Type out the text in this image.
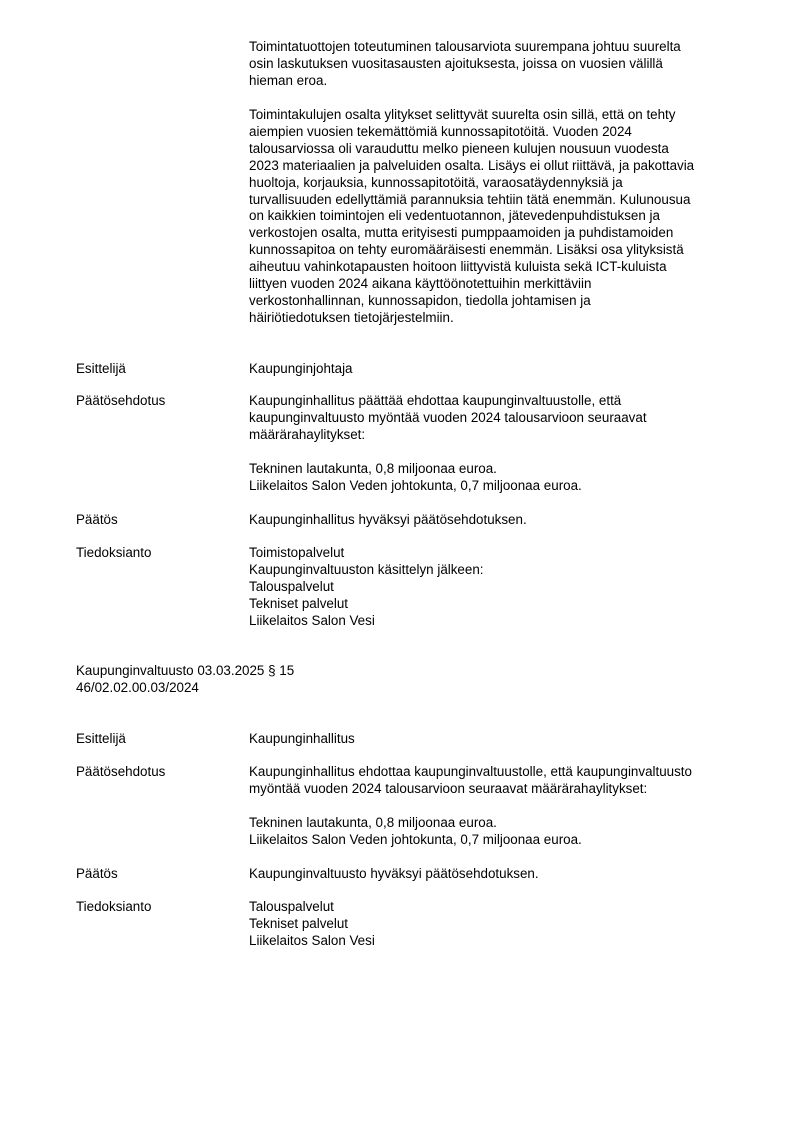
Toimintatuottojen toteutuminen talousarviota suurempana johtuu suurelta
osin laskutuksen vuositasausten ajoituksesta, joissa on vuosien välillä
hieman eroa.

Toimintakulujen osalta ylitykset selittyvät suurelta osin sillä, että on tehty
aiempien vuosien tekemättömiä kunnossapitotöitä. Vuoden 2024
talousarviossa oli varauduttu melko pieneen kulujen nousuun vuodesta
2023 materiaalien ja palveluiden osalta. Lisäys ei ollut riittävä, ja pakottavia
huoltoja, korjauksia, kunnossapitotöitä, varaosatäydennyksiä ja
turvallisuuden edellyttämiä parannuksia tehtiin tätä enemmän. Kulunousua
on kaikkien toimintojen eli vedentuotannon, jätevedenpuhdistuksen ja
verkostojen osalta, mutta erityisesti pumppaamoiden ja puhdistamoiden
kunnossapitoa on tehty euromääräisesti enemmän. Lisäksi osa ylityksistä
aiheutuu vahinkotapausten hoitoon liittyvistä kuluista sekä ICT-kuluista
liittyen vuoden 2024 aikana käyttöönotettuihin merkittäviin
verkostonhallinnan, kunnossapidon, tiedolla johtamisen ja
häiriötiedotuksen tietojärjestelmiin.

Esittelijä	Kaupunginjohtaja
Päätösehdotus	Kaupunginhallitus päättää ehdottaa kaupunginvaltuustolle, että
kaupunginvaltuusto myöntää vuoden 2024 talousarvioon seuraavat
määrärahaylitykset:
Tekninen lautakunta, 0,8 miljoonaa euroa.
Liikelaitos Salon Veden johtokunta, 0,7 miljoonaa euroa.
Päätös	Kaupunginhallitus hyväksyi päätösehdotuksen.
Tiedoksianto	Toimistopalvelut
Kaupunginvaltuuston käsittelyn jälkeen:
Talouspalvelut
Tekniset palvelut
Liikelaitos Salon Vesi
Kaupunginvaltuusto 03.03.2025 § 15
46/02.02.00.03/2024
Esittelijä	Kaupunginhallitus
Päätösehdotus	Kaupunginhallitus ehdottaa kaupunginvaltuustolle, että kaupunginvaltuusto
myöntää vuoden 2024 talousarvioon seuraavat määrärahaylitykset:
Tekninen lautakunta, 0,8 miljoonaa euroa.
Liikelaitos Salon Veden johtokunta, 0,7 miljoonaa euroa.
Päätös	Kaupunginvaltuusto hyväksyi päätösehdotuksen.
Tiedoksianto	Talouspalvelut
Tekniset palvelut
Liikelaitos Salon Vesi
